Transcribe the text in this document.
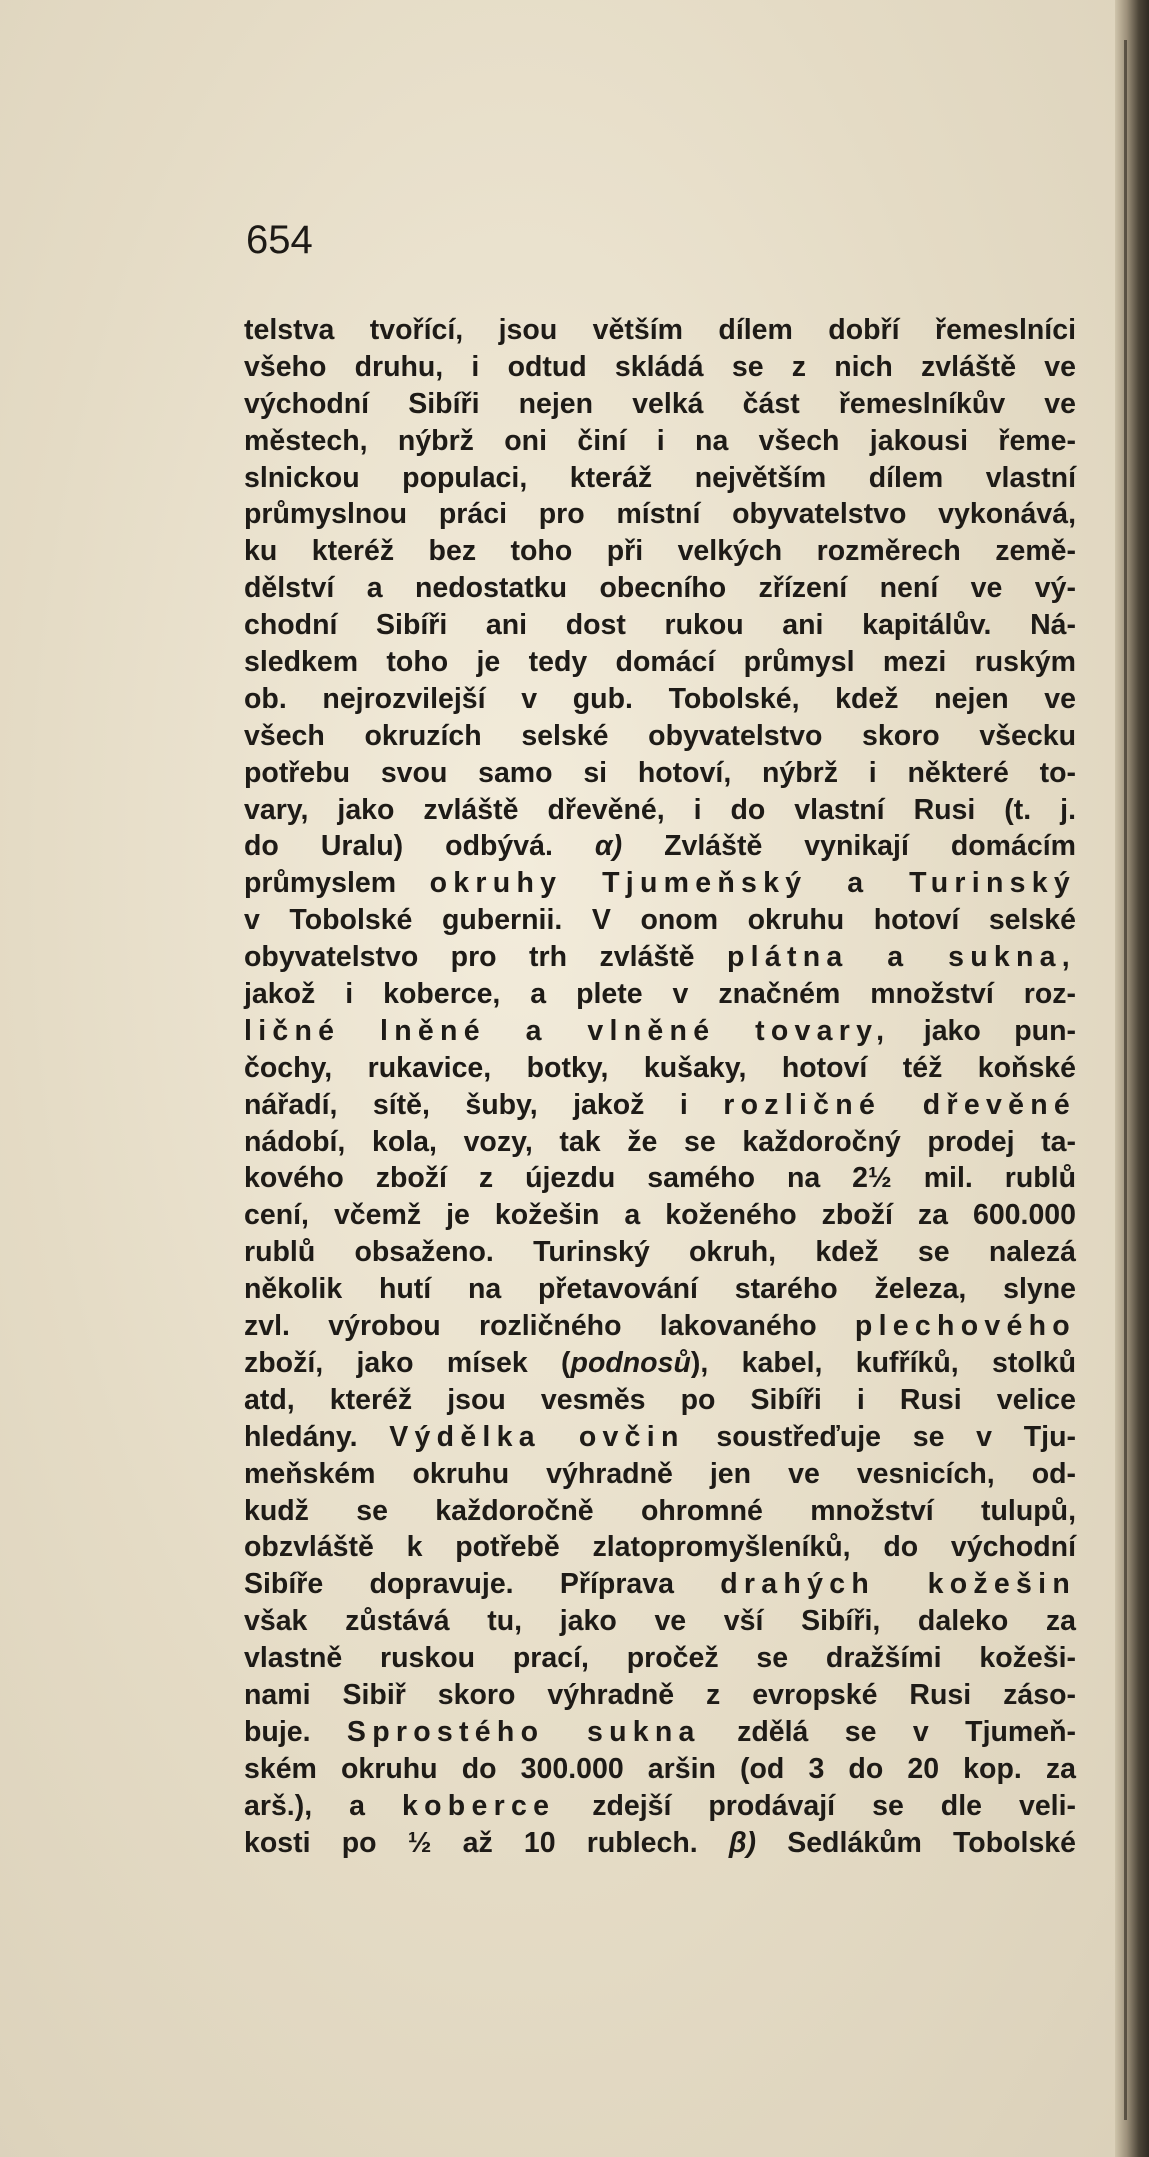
654
telstva tvořící, jsou větším dílem dobří řemeslníci
všeho druhu, i odtud skládá se z nich zvláště ve
východní Sibíři nejen velká část řemeslníkův ve
městech, nýbrž oni činí i na všech jakousi řeme-
slnickou populaci, kteráž největším dílem vlastní
průmyslnou práci pro místní obyvatelstvo vykonává,
ku kteréž bez toho při velkých rozměrech země-
dělství a nedostatku obecního zřízení není ve vý-
chodní Sibíři ani dost rukou ani kapitálův. Ná-
sledkem toho je tedy domácí průmysl mezi ruským
ob. nejrozvilejší v gub. Tobolské, kdež nejen ve
všech okruzích selské obyvatelstvo skoro všecku
potřebu svou samo si hotoví, nýbrž i některé to-
vary, jako zvláště dřevěné, i do vlastní Rusi (t. j.
do Uralu) odbývá. α) Zvláště vynikají domácím
průmyslem okruhy Tjumeňský a Turinský
v Tobolské gubernii. V onom okruhu hotoví selské
obyvatelstvo pro trh zvláště plátna a sukna,
jakož i koberce, a plete v značném množství roz-
ličné lněné a vlněné tovary, jako pun-
čochy, rukavice, botky, kušaky, hotoví též koňské
nářadí, sítě, šuby, jakož i rozličné dřevěné
nádobí, kola, vozy, tak že se každoročný prodej ta-
kového zboží z újezdu samého na 2½ mil. rublů
cení, včemž je kožešin a koženého zboží za 600.000
rublů obsaženo. Turinský okruh, kdež se nalezá
několik hutí na přetavování starého železa, slyne
zvl. výrobou rozličného lakovaného plechového
zboží, jako mísek (podnosů), kabel, kufříků, stolků
atd, kteréž jsou vesměs po Sibíři i Rusi velice
hledány. Výdělka ovčin soustřeďuje se v Tju-
meňském okruhu výhradně jen ve vesnicích, od-
kudž se každoročně ohromné množství tulupů,
obzvláště k potřebě zlatopromyšleníků, do východní
Sibíře dopravuje. Příprava drahých kožešin
však zůstává tu, jako ve vší Sibíři, daleko za
vlastně ruskou prací, pročež se dražšími kožeši-
nami Sibiř skoro výhradně z evropské Rusi záso-
buje. Sprostého sukna zdělá se v Tjumeň-
ském okruhu do 300.000 aršin (od 3 do 20 kop. za
arš.), a koberce zdejší prodávají se dle veli-
kosti po ½ až 10 rublech. β) Sedlákům Tobolské
